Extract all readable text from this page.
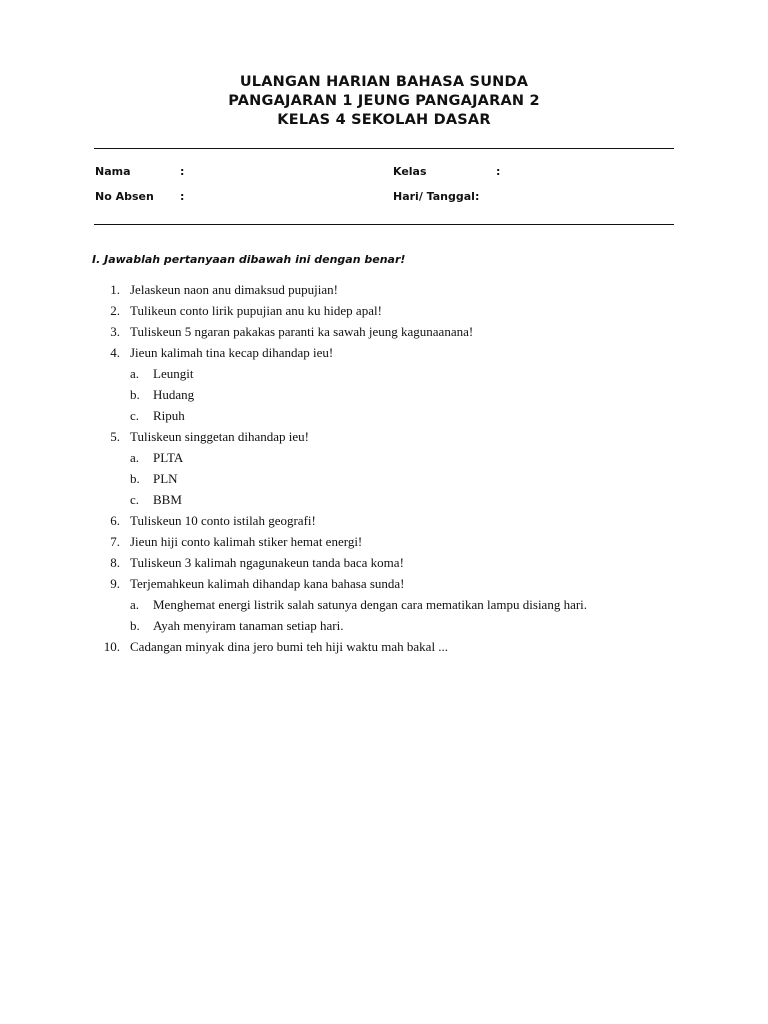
ULANGAN HARIAN BAHASA SUNDA
PANGAJARAN 1 JEUNG PANGAJARAN 2
KELAS 4 SEKOLAH DASAR
Nama	:	Kelas	:
No Absen :	Hari/ Tanggal:
I. Jawablah pertanyaan dibawah ini dengan benar!
1. Jelaskeun naon anu dimaksud pupujian!
2. Tulikeun conto lirik pupujian anu ku hidep apal!
3. Tuliskeun 5 ngaran pakakas paranti ka sawah jeung kagunaanana!
4. Jieun kalimah tina kecap dihandap ieu!
a.	Leungit
b.	Hudang
c.	Ripuh
5. Tuliskeun singgetan dihandap ieu!
a.	PLTA
b.	PLN
c.	BBM
6. Tuliskeun 10 conto istilah geografi!
7. Jieun hiji conto kalimah stiker hemat energi!
8. Tuliskeun 3 kalimah ngagunakeun tanda baca koma!
9. Terjemahkeun kalimah dihandap kana bahasa sunda!
a.	Menghemat energi listrik salah satunya dengan cara mematikan lampu disiang hari.
b.	Ayah menyiram tanaman setiap hari.
10. Cadangan minyak dina jero bumi teh hiji waktu mah bakal ...
